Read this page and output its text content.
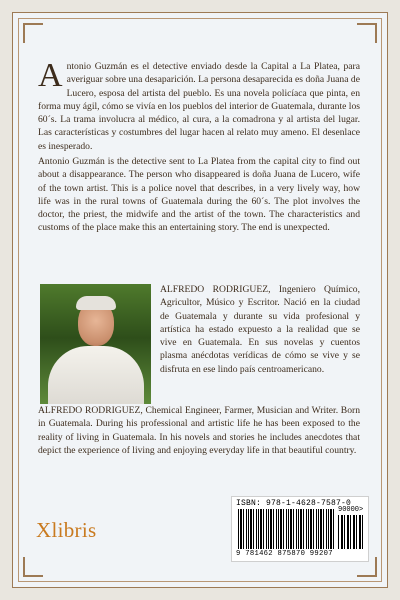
Antonio Guzmán es el detective enviado desde la Capital a La Platea, para averiguar sobre una desaparición. La persona desaparecida es doña Juana de Lucero, esposa del artista del pueblo. Es una novela policíaca que pinta, en forma muy ágil, cómo se vivía en los pueblos del interior de Guatemala, durante los 60´s. La trama involucra al médico, al cura, a la comadrona y al artista del lugar. Las características y costumbres del lugar hacen al relato muy ameno. El desenlace es inesperado.
Antonio Guzmán is the detective sent to La Platea from the capital city to find out about a disappearance. The person who disappeared is doña Juana de Lucero, wife of the town artist. This is a police novel that describes, in a very lively way, how life was in the rural towns of Guatemala during the 60´s. The plot involves the doctor, the priest, the midwife and the artist of the town. The characteristics and customs of the place make this an entertaining story. The end is unexpected.
ALFREDO RODRIGUEZ, Ingeniero Químico, Agricultor, Músico y Escritor. Nació en la ciudad de Guatemala y durante su vida profesional y artística ha estado expuesto a la realidad que se vive en Guatemala. En sus novelas y cuentos plasma anécdotas verídicas de cómo se vive y se disfruta en ese lindo país centroamericano.
ALFREDO RODRIGUEZ, Chemical Engineer, Farmer, Musician and Writer. Born in Guatemala. During his professional and artistic life he has been exposed to the reality of living in Guatemala. In his novels and stories he includes anecdotes that depict the experience of living and enjoying everyday life in that beautiful country.
Xlibris
ISBN: 978-1-4628-7587-0
90000>
9 781462 875870 99207
